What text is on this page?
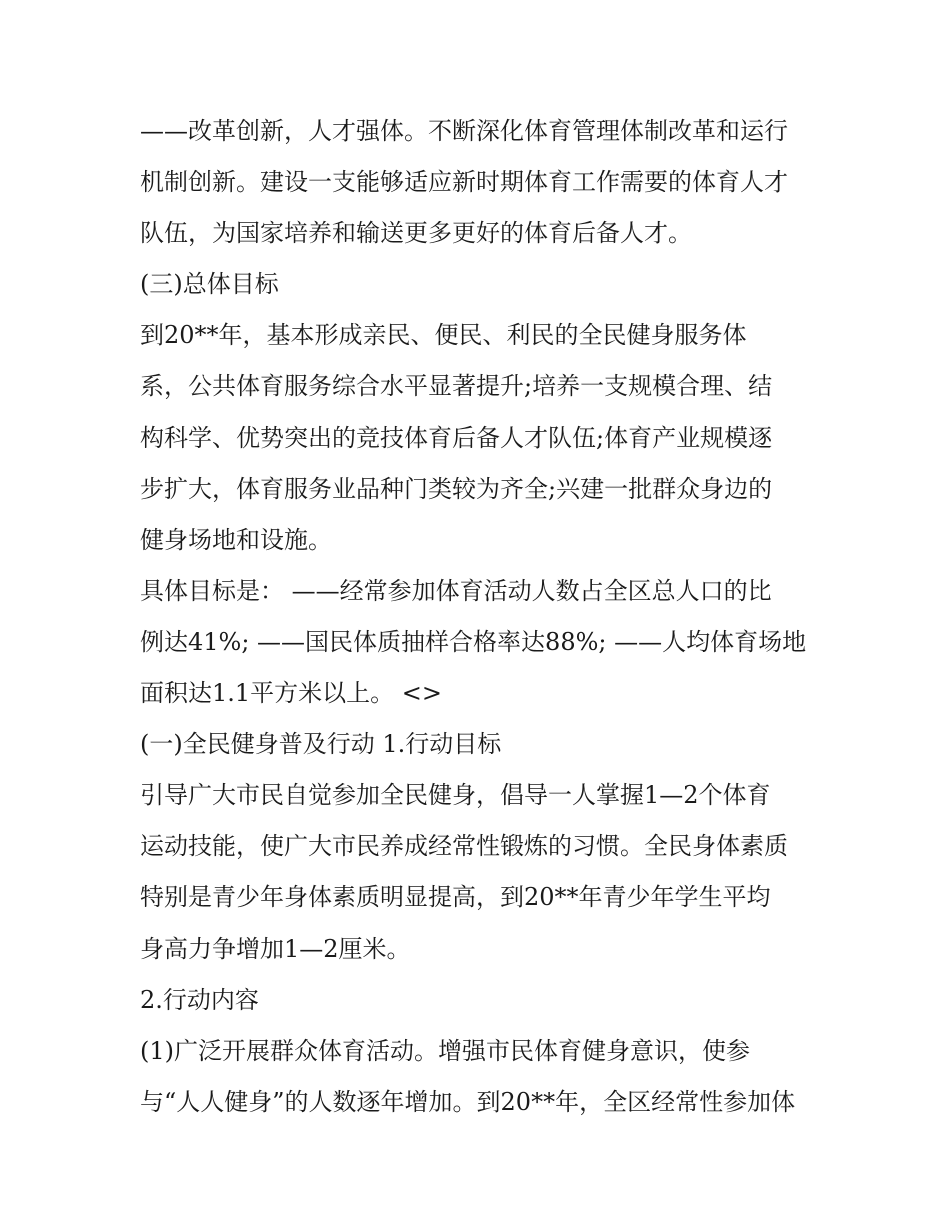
——改革创新，人才强体。不断深化体育管理体制改革和运行
机制创新。建设一支能够适应新时期体育工作需要的体育人才
队伍，为国家培养和输送更多更好的体育后备人才。
(三)总体目标
到20**年，基本形成亲民、便民、利民的全民健身服务体
系，公共体育服务综合水平显著提升;培养一支规模合理、结
构科学、优势突出的竞技体育后备人才队伍;体育产业规模逐
步扩大，体育服务业品种门类较为齐全;兴建一批群众身边的
健身场地和设施。
具体目标是： ——经常参加体育活动人数占全区总人口的比
例达41%; ——国民体质抽样合格率达88%; ——人均体育场地
面积达1.1平方米以上。 <>
(一)全民健身普及行动 1.行动目标
引导广大市民自觉参加全民健身，倡导一人掌握1—2个体育
运动技能，使广大市民养成经常性锻炼的习惯。全民身体素质
特别是青少年身体素质明显提高，到20**年青少年学生平均
身高力争增加1—2厘米。
2.行动内容
(1)广泛开展群众体育活动。增强市民体育健身意识，使参
与“人人健身”的人数逐年增加。到20**年，全区经常性参加体
